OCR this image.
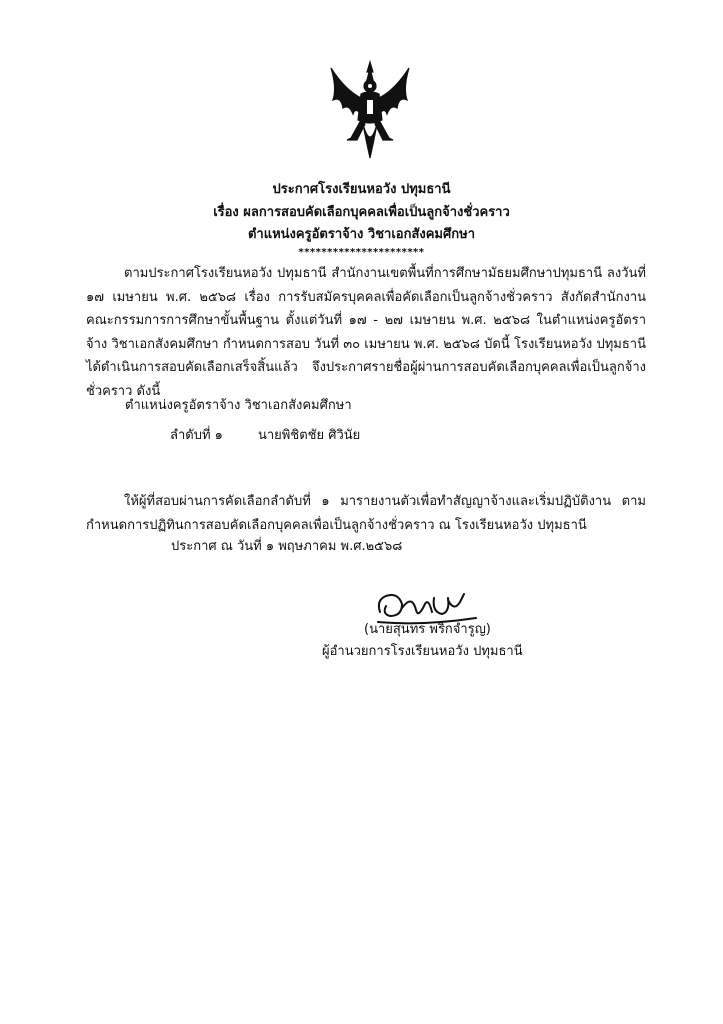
ประกาศโรงเรียนหอวัง ปทุมธานี
เรื่อง ผลการสอบคัดเลือกบุคคลเพื่อเป็นลูกจ้างชั่วคราว
ตำแหน่งครูอัตราจ้าง วิชาเอกสังคมศึกษา
**********************
ตามประกาศโรงเรียนหอวัง ปทุมธานี สำนักงานเขตพื้นที่การศึกษามัธยมศึกษาปทุมธานี ลงวันที่ ๑๗ เมษายน พ.ศ. ๒๕๖๘ เรื่อง การรับสมัครบุคคลเพื่อคัดเลือกเป็นลูกจ้างชั่วคราว สังกัดสำนักงานคณะกรรมการการศึกษาขั้นพื้นฐาน ตั้งแต่วันที่ ๑๗ - ๒๗ เมษายน พ.ศ. ๒๕๖๘ ในตำแหน่งครูอัตราจ้าง วิชาเอกสังคมศึกษา กำหนดการสอบ วันที่ ๓๐ เมษายน พ.ศ. ๒๕๖๘ บัดนี้ โรงเรียนหอวัง ปทุมธานี ได้ดำเนินการสอบคัดเลือกเสร็จสิ้นแล้ว จึงประกาศรายชื่อผู้ผ่านการสอบคัดเลือกบุคคลเพื่อเป็นลูกจ้างชั่วคราว ดังนี้
ตำแหน่งครูอัตราจ้าง วิชาเอกสังคมศึกษา
ลำดับที่ ๑	นายพิชิตชัย ศิวินัย
ให้ผู้ที่สอบผ่านการคัดเลือกลำดับที่ ๑ มารายงานตัวเพื่อทำสัญญาจ้างและเริ่มปฏิบัติงาน ตามกำหนดการปฏิทินการสอบคัดเลือกบุคคลเพื่อเป็นลูกจ้างชั่วคราว ณ โรงเรียนหอวัง ปทุมธานี
ประกาศ ณ วันที่ ๑ พฤษภาคม พ.ศ.๒๕๖๘
(นายสุนทร พริกจำรูญ)
ผู้อำนวยการโรงเรียนหอวัง ปทุมธานี
